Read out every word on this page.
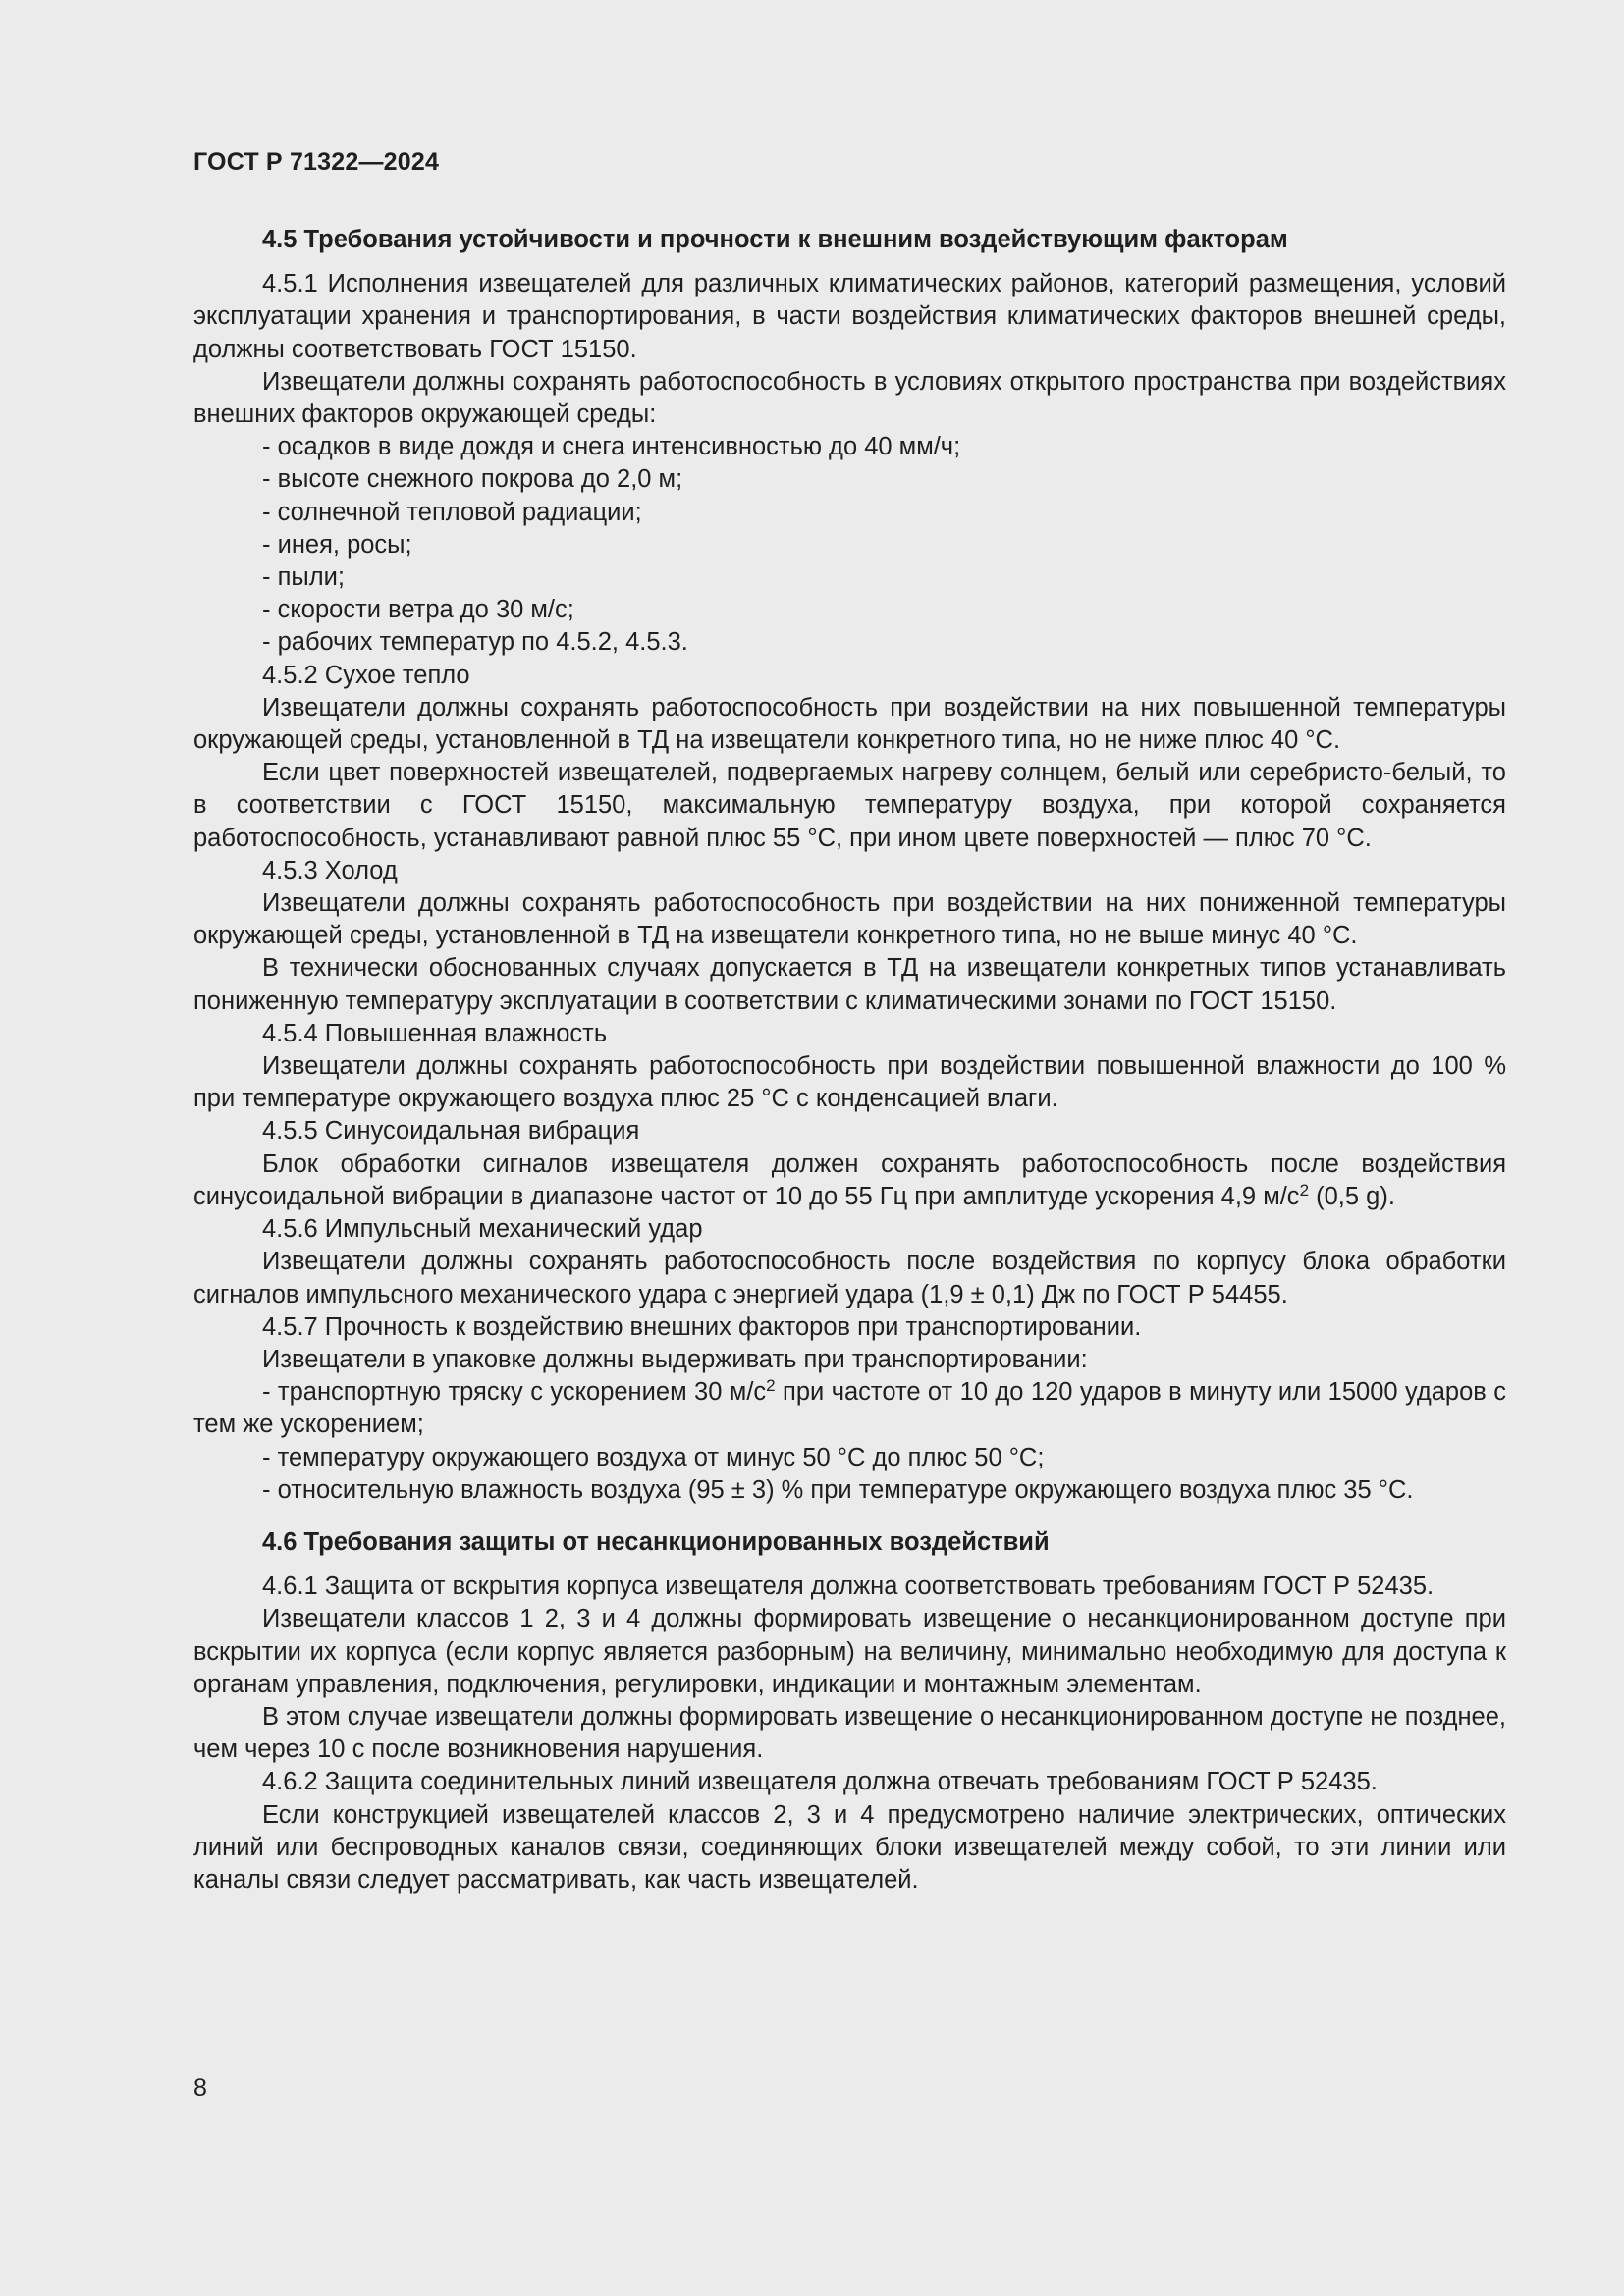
ГОСТ Р 71322—2024

4.5 Требования устойчивости и прочности к внешним воздействующим факторам

4.5.1 Исполнения извещателей для различных климатических районов, категорий размещения, условий эксплуатации хранения и транспортирования, в части воздействия климатических факторов внешней среды, должны соответствовать ГОСТ 15150.

Извещатели должны сохранять работоспособность в условиях открытого пространства при воздействиях внешних факторов окружающей среды:

- осадков в виде дождя и снега интенсивностью до 40 мм/ч;

- высоте снежного покрова до 2,0 м;

- солнечной тепловой радиации;

- инея, росы;

- пыли;

- скорости ветра до 30 м/с;

- рабочих температур по 4.5.2, 4.5.3.

4.5.2 Сухое тепло

Извещатели должны сохранять работоспособность при воздействии на них повышенной температуры окружающей среды, установленной в ТД на извещатели конкретного типа, но не ниже плюс 40 °С.

Если цвет поверхностей извещателей, подвергаемых нагреву солнцем, белый или серебристо-белый, то в соответствии с ГОСТ 15150, максимальную температуру воздуха, при которой сохраняется работоспособность, устанавливают равной плюс 55 °С, при ином цвете поверхностей — плюс 70 °С.

4.5.3 Холод

Извещатели должны сохранять работоспособность при воздействии на них пониженной температуры окружающей среды, установленной в ТД на извещатели конкретного типа, но не выше минус 40 °С.

В технически обоснованных случаях допускается в ТД на извещатели конкретных типов устанавливать пониженную температуру эксплуатации в соответствии с климатическими зонами по ГОСТ 15150.

4.5.4 Повышенная влажность

Извещатели должны сохранять работоспособность при воздействии повышенной влажности до 100 % при температуре окружающего воздуха плюс 25 °С с конденсацией влаги.

4.5.5 Синусоидальная вибрация

Блок обработки сигналов извещателя должен сохранять работоспособность после воздействия синусоидальной вибрации в диапазоне частот от 10 до 55 Гц при амплитуде ускорения 4,9 $м/с^2$ (0,5 g).

4.5.6 Импульсный механический удар

Извещатели должны сохранять работоспособность после воздействия по корпусу блока обработки сигналов импульсного механического удара с энергией удара (1,9 ± 0,1) Дж по ГОСТ Р 54455.

4.5.7 Прочность к воздействию внешних факторов при транспортировании.

Извещатели в упаковке должны выдерживать при транспортировании:

- транспортную тряску с ускорением 30 $м/с^2$ при частоте от 10 до 120 ударов в минуту или 15000 ударов с тем же ускорением;

- температуру окружающего воздуха от минус 50 °С до плюс 50 °С;

- относительную влажность воздуха (95 ± 3) % при температуре окружающего воздуха плюс 35 °С.

4.6 Требования защиты от несанкционированных воздействий

4.6.1 Защита от вскрытия корпуса извещателя должна соответствовать требованиям ГОСТ Р 52435.

Извещатели классов 1 2, 3 и 4 должны формировать извещение о несанкционированном доступе при вскрытии их корпуса (если корпус является разборным) на величину, минимально необходимую для доступа к органам управления, подключения, регулировки, индикации и монтажным элементам.

В этом случае извещатели должны формировать извещение о несанкционированном доступе не позднее, чем через 10 с после возникновения нарушения.

4.6.2 Защита соединительных линий извещателя должна отвечать требованиям ГОСТ Р 52435.

Если конструкцией извещателей классов 2, 3 и 4 предусмотрено наличие электрических, оптических линий или беспроводных каналов связи, соединяющих блоки извещателей между собой, то эти линии или каналы связи следует рассматривать, как часть извещателей.

8
